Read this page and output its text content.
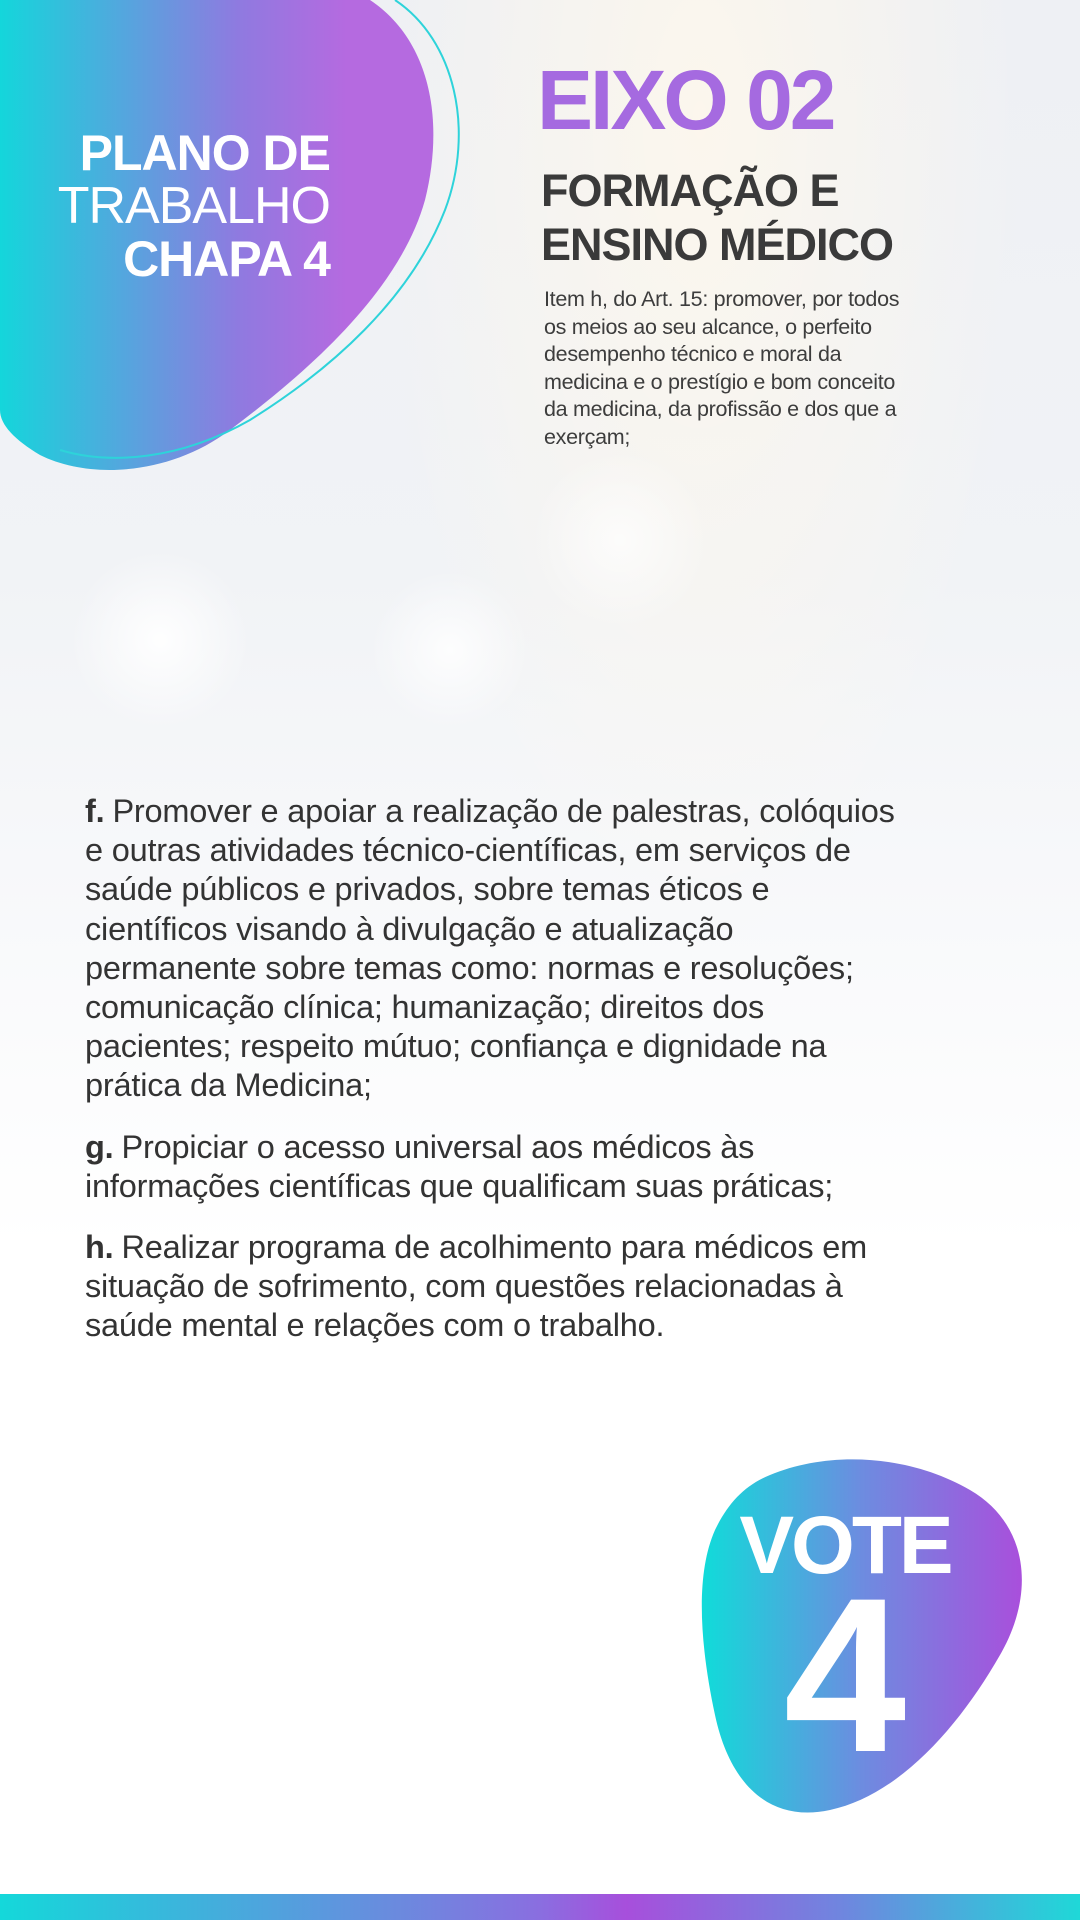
PLANO DE
TRABALHO
CHAPA 4
EIXO 02
FORMAÇÃO E
ENSINO MÉDICO
Item h, do Art. 15: promover, por todos
os meios ao seu alcance, o perfeito
desempenho técnico e moral da
medicina e o prestígio e bom conceito
da medicina, da profissão e dos que a
exerçam;
f. Promover e apoiar a realização de palestras, colóquios
e outras atividades técnico-científicas, em serviços de
saúde públicos e privados, sobre temas éticos e
científicos visando à divulgação e atualização
permanente sobre temas como: normas e resoluções;
comunicação clínica; humanização; direitos dos
pacientes; respeito mútuo; confiança e dignidade na
prática da Medicina;
g. Propiciar o acesso universal aos médicos às
informações científicas que qualificam suas práticas;
h. Realizar programa de acolhimento para médicos em
situação de sofrimento, com questões relacionadas à
saúde mental e relações com o trabalho.
VOTE
4
